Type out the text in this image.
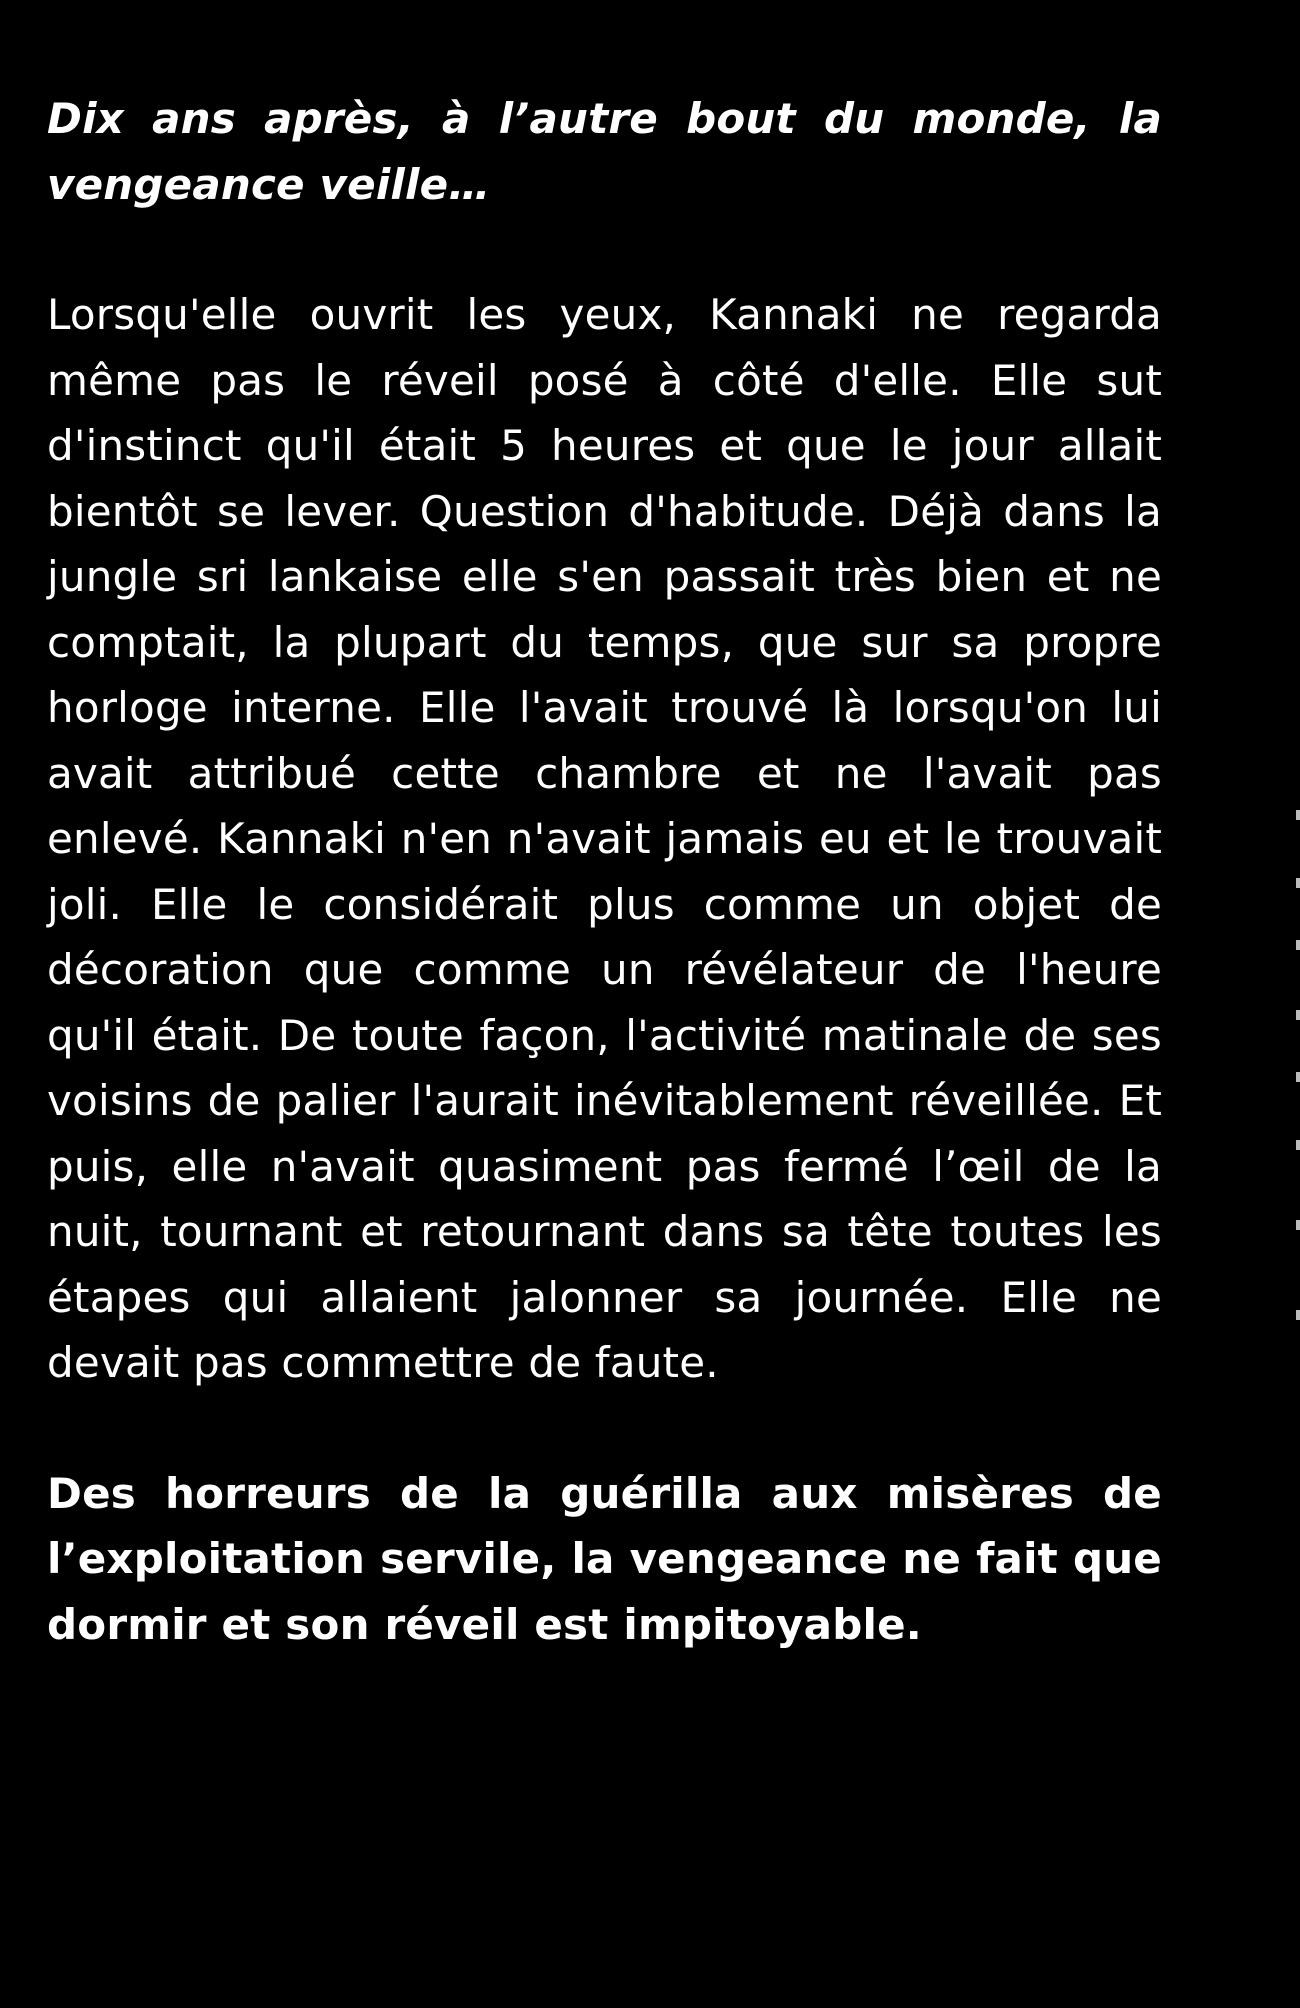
Dix ans après, à l’autre bout du monde, la vengeance veille…

Lorsqu'elle ouvrit les yeux, Kannaki ne regarda même pas le réveil posé à côté d'elle. Elle sut d'instinct qu'il était 5 heures et que le jour allait bientôt se lever. Question d'habitude. Déjà dans la jungle sri lankaise elle s'en passait très bien et ne comptait, la plupart du temps, que sur sa propre horloge interne. Elle l'avait trouvé là lorsqu'on lui avait attribué cette chambre et ne l'avait pas enlevé. Kannaki n'en n'avait jamais eu et le trouvait joli. Elle le considérait plus comme un objet de décoration que comme un révélateur de l'heure qu'il était. De toute façon, l'activité matinale de ses voisins de palier l'aurait inévitablement réveillée. Et puis, elle n'avait quasiment pas fermé l’œil de la nuit, tournant et retournant dans sa tête toutes les étapes qui allaient jalonner sa journée. Elle ne devait pas commettre de faute.

Des horreurs de la guérilla aux misères de l’exploitation servile, la vengeance ne fait que dormir et son réveil est impitoyable.
